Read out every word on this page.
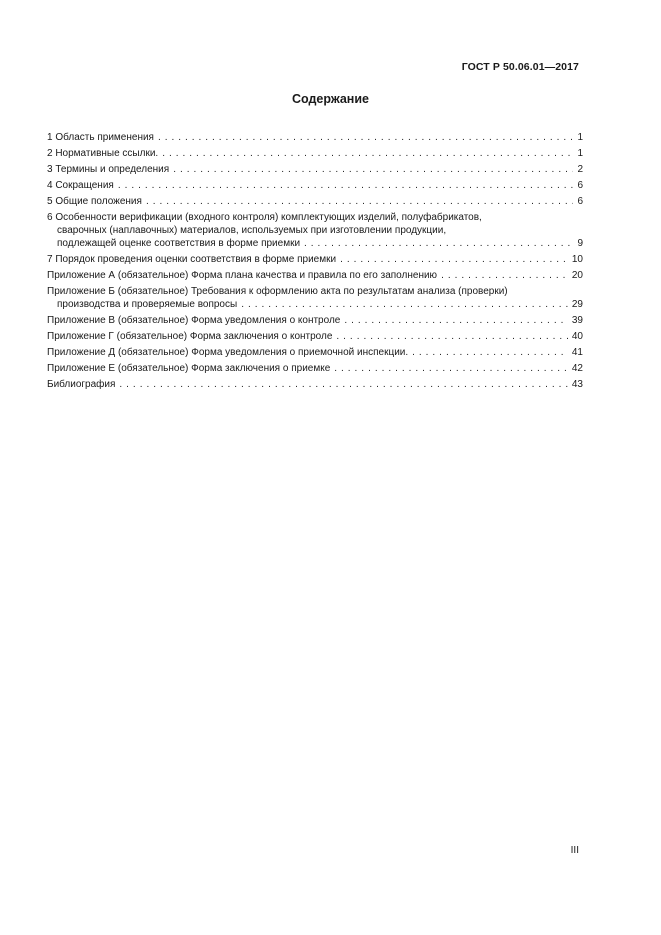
ГОСТ Р 50.06.01—2017
Содержание
1 Область применения . . .	1
2 Нормативные ссылки. . . .	1
3 Термины и определения . . .	2
4 Сокращения . . .	6
5 Общие положения . . .	6
6 Особенности верификации (входного контроля) комплектующих изделий, полуфабрикатов,
сварочных (наплавочных) материалов, используемых при изготовлении продукции,
подлежащей оценке соответствия в форме приемки . . .	9
7 Порядок проведения оценки соответствия в форме приемки . . .	10
Приложение А (обязательное) Форма плана качества и правила по его заполнению . . .	20
Приложение Б (обязательное) Требования к оформлению акта по результатам анализа (проверки)
производства и проверяемые вопросы . . .	29
Приложение В (обязательное) Форма уведомления о контроле . . .	39
Приложение Г (обязательное) Форма заключения о контроле . . .	40
Приложение Д (обязательное) Форма уведомления о приемочной инспекции. . . .	41
Приложение Е (обязательное) Форма заключения о приемке . . .	42
Библиография . . .	43
III
